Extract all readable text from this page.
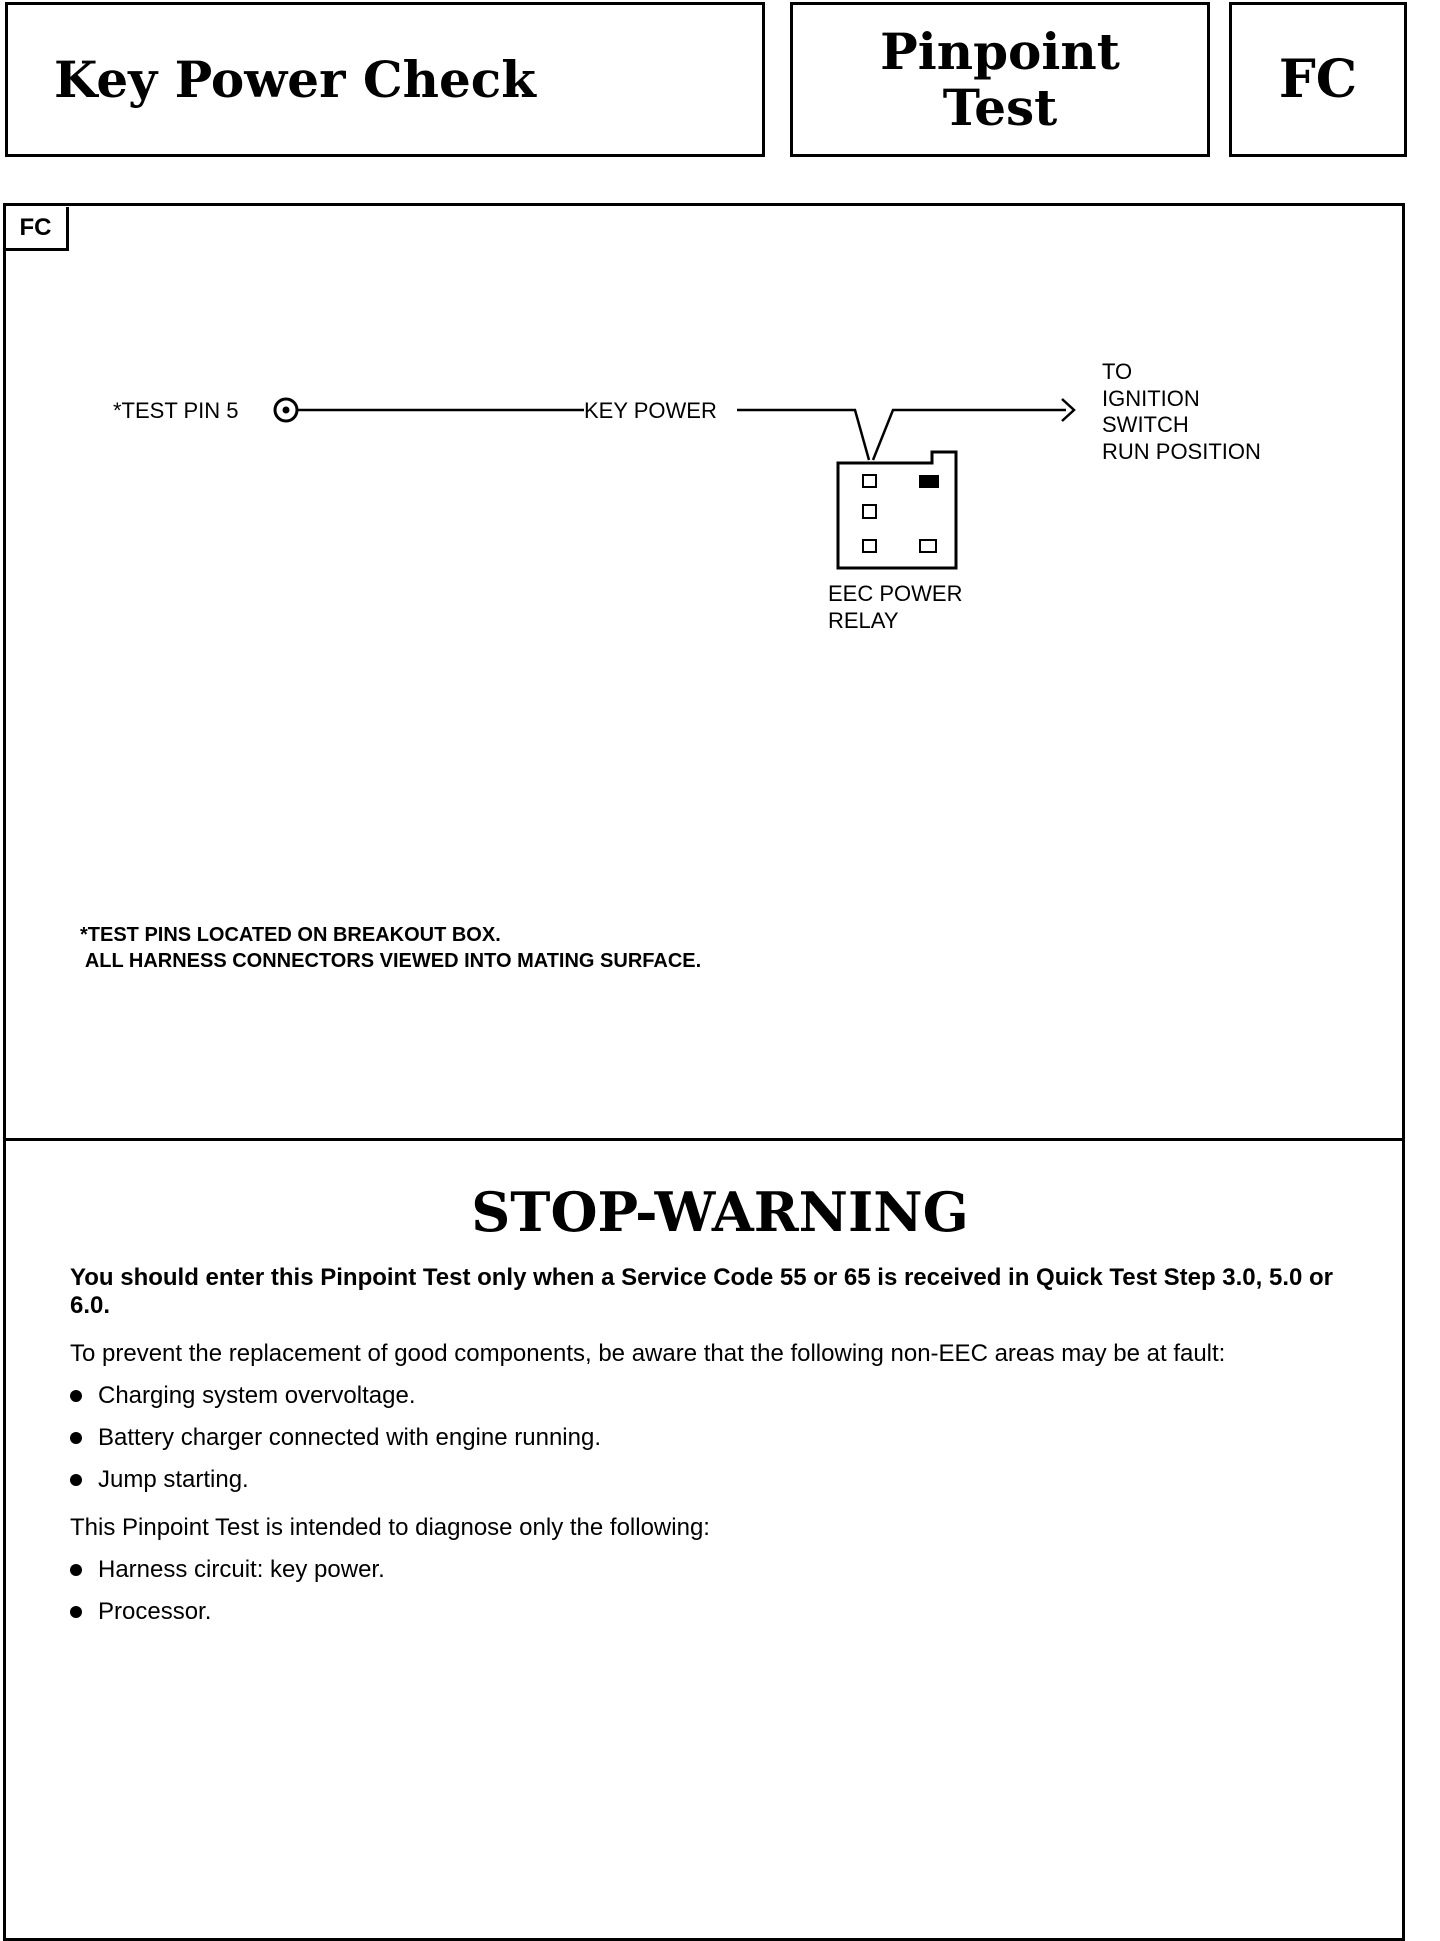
Key Power Check	Pinpoint
Test	FC
FC
*TEST PIN 5	KEY POWER
TO
IGNITION
SWITCH
RUN POSITION
EEC POWER
RELAY
*TEST PINS LOCATED ON BREAKOUT BOX.
ALL HARNESS CONNECTORS VIEWED INTO MATING SURFACE.
STOP-WARNING
You should enter this Pinpoint Test only when a Service Code 55 or 65 is received in Quick Test Step 3.0, 5.0 or 6.0.
To prevent the replacement of good components, be aware that the following non-EEC areas may be at fault:
Charging system overvoltage.
Battery charger connected with engine running.
Jump starting.
This Pinpoint Test is intended to diagnose only the following:
Harness circuit: key power.
Processor.
